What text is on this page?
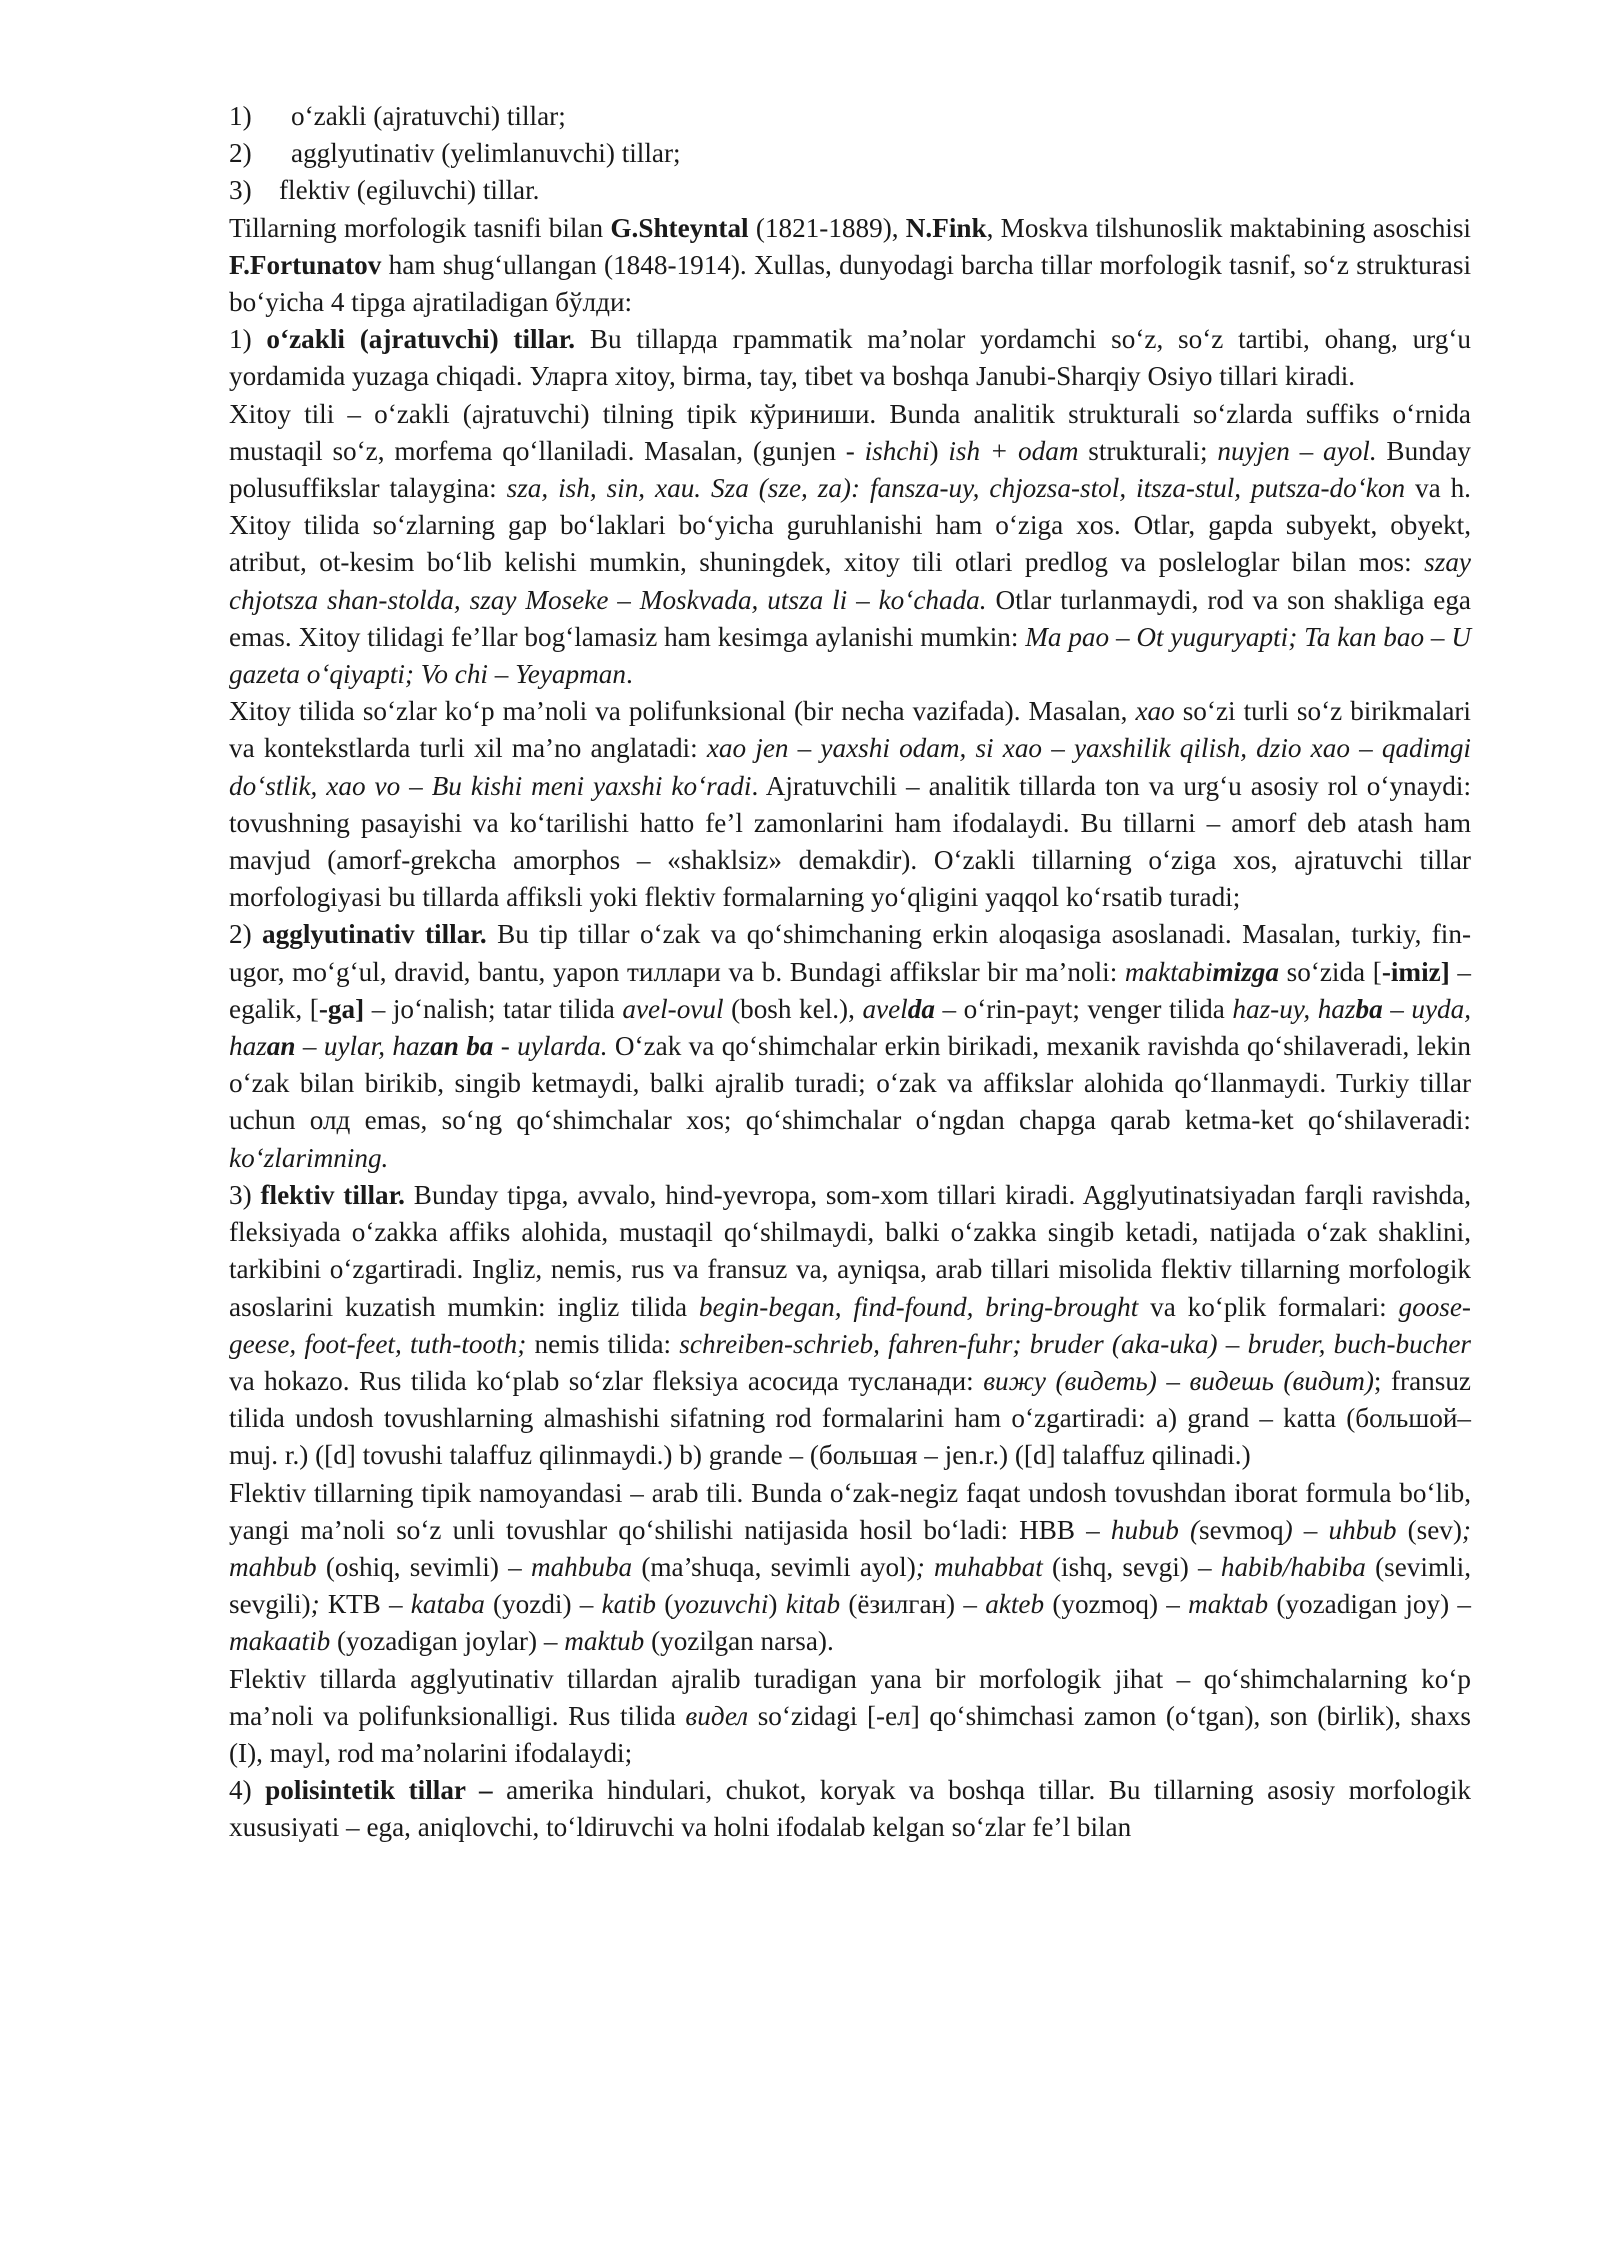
1)	o‘zakli (ajratuvchi) tillar;

2)	agglyutinativ (yelimlanuvchi) tillar;

3)	flektiv (egiluvchi) tillar.

Tillarning morfologik tasnifi bilan G.Shteyntal (1821-1889), N.Fink, Moskva tilshunoslik maktabining asoschisi F.Fortunatov ham shug‘ullangan (1848-1914). Xullas, dunyodagi barcha tillar morfologik tasnif, so‘z strukturasi bo‘yicha 4 tipga ajratiladigan бўлди:

1) o‘zakli (ajratuvchi) tillar. Bu tillарда грammatik ma’nolar yordamchi so‘z, so‘z tartibi, ohang, urg‘u yordamida yuzaga chiqadi. Уларга xitoy, birma, tay, tibet va boshqa Janubi-Sharqiy Osiyo tillari kiradi.

Xitoy tili – o‘zakli (ajratuvchi) tilning tipik кўриниши. Bunda analitik strukturali so‘zlarda suffiks o‘rnida mustaqil so‘z, morfema qo‘llaniladi. Masalan, (gunjen - ishchi) ish + odam strukturali; nuyjen – ayol. Bunday polusuffikslar talaygina: sza, ish, sin, xau. Sza (sze, za): fansza-uy, chjozsa-stol, itsza-stul, putsza-do‘kon va h. Xitoy tilida so‘zlarning gap bo‘laklari bo‘yicha guruhlanishi ham o‘ziga xos. Otlar, gapda subyekt, obyekt, atribut, ot-kesim bo‘lib kelishi mumkin, shuningdek, xitoy tili otlari predlog va posleloglar bilan mos: szay chjotsza shan-stolda, szay Moseke – Moskvada, utsza li – ko‘chada. Otlar turlanmaydi, rod va son shakliga ega emas. Xitoy tilidagi fe’llar bog‘lamasiz ham kesimga aylanishi mumkin: Ma pao – Ot yuguryapti; Ta kan bao – U gazeta o‘qiyapti; Vo chi – Yeyapman.

Xitoy tilida so‘zlar ko‘p ma’noli va polifunksional (bir necha vazifada). Masalan, xao so‘zi turli so‘z birikmalari va kontekstlarda turli xil ma’no anglatadi: xao jen – yaxshi odam, si xao – yaxshilik qilish, dzio xao – qadimgi do‘stlik, xao vo – Bu kishi meni yaxshi ko‘radi. Ajratuvchili – analitik tillarda ton va urg‘u asosiy rol o‘ynaydi: tovushning pasayishi va ko‘tarilishi hatto fe’l zamonlarini ham ifodalaydi. Bu tillarni – amorf deb atash ham mavjud (amorf-grekcha amorphos – «shaklsiz» demakdir). O‘zakli tillarning o‘ziga xos, ajratuvchi tillar morfologiyasi bu tillarda affiksli yoki flektiv formalarning yo‘qligini yaqqol ko‘rsatib turadi;

2) agglyutinativ tillar. Bu tip tillar o‘zak va qo‘shimchaning erkin aloqasiga asoslanadi. Masalan, turkiy, fin-ugor, mo‘g‘ul, dravid, bantu, yapon тиллари va b. Bundagi affikslar bir ma’noli: maktabimizga so‘zida [-imiz] – egalik, [-ga] – jo‘nalish; tatar tilida avel-ovul (bosh kel.), avelda – o‘rin-payt; venger tilida haz-uy, hazba – uyda, hazan – uylar, hazan ba - uylarda. O‘zak va qo‘shimchalar erkin birikadi, mexanik ravishda qo‘shilaveradi, lekin o‘zak bilan birikib, singib ketmaydi, balki ajralib turadi; o‘zak va affikslar alohida qo‘llanmaydi. Turkiy tillar uchun олд emas, so‘ng qo‘shimchalar xos; qo‘shimchalar o‘ngdan chapga qarab ketma-ket qo‘shilaveradi: ko‘zlarimning.

3) flektiv tillar. Bunday tipga, avvalo, hind-yevropa, som-xom tillari kiradi. Agglyutinatsiyadan farqli ravishda, fleksiyada o‘zakka affiks alohida, mustaqil qo‘shilmaydi, balki o‘zakka singib ketadi, natijada o‘zak shaklini, tarkibini o‘zgartiradi. Ingliz, nemis, rus va fransuz va, ayniqsa, arab tillari misolida flektiv tillarning morfologik asoslarini kuzatish mumkin: ingliz tilida begin-began, find-found, bring-brought va ko‘plik formalari: goose-geese, foot-feet, tuth-tooth; nemis tilida: schreiben-schrieb, fahren-fuhr; bruder (aka-uka) – bruder, buch-bucher va hokazo. Rus tilida ko‘plab so‘zlar fleksiya асосида тусланади: вижу (видеть) – видешь (видит); fransuz tilida undosh tovushlarning almashishi sifatning rod formalarini ham o‘zgartiradi: a) grand – katta (большой– muj. r.) ([d] tovushi talaffuz qilinmaydi.) b) grande – (большая – jen.r.) ([d] talaffuz qilinadi.)

Flektiv tillarning tipik namoyandasi – arab tili. Bunda o‘zak-negiz faqat undosh tovushdan iborat formula bo‘lib, yangi ma’noli so‘z unli tovushlar qo‘shilishi natijasida hosil bo‘ladi: HBB – hubub (sevmoq) – uhbub (sev); mahbub (oshiq, sevimli) – mahbuba (ma’shuqa, sevimli ayol); muhabbat (ishq, sevgi) – habib/habiba (sevimli, sevgili); КТВ – kataba (yozdi) – katib (yozuvchi) kitab (ёзилган) – akteb (yozmoq) – maktab (yozadigan joy) – makaatib (yozadigan joylar) – maktub (yozilgan narsa).

Flektiv tillarda agglyutinativ tillardan ajralib turadigan yana bir morfologik jihat – qo‘shimchalarning ko‘p ma’noli va polifunksionalligi. Rus tilida видел so‘zidagi [-ел] qo‘shimchasi zamon (o‘tgan), son (birlik), shaxs (I), mayl, rod ma’nolarini ifodalaydi;

4) polisintetik tillar – amerika hindulari, chukot, koryak va boshqa tillar. Bu tillarning asosiy morfologik xususiyati – ega, aniqlovchi, to‘ldiruvchi va holni ifodalab kelgan so‘zlar fe’l bilan
